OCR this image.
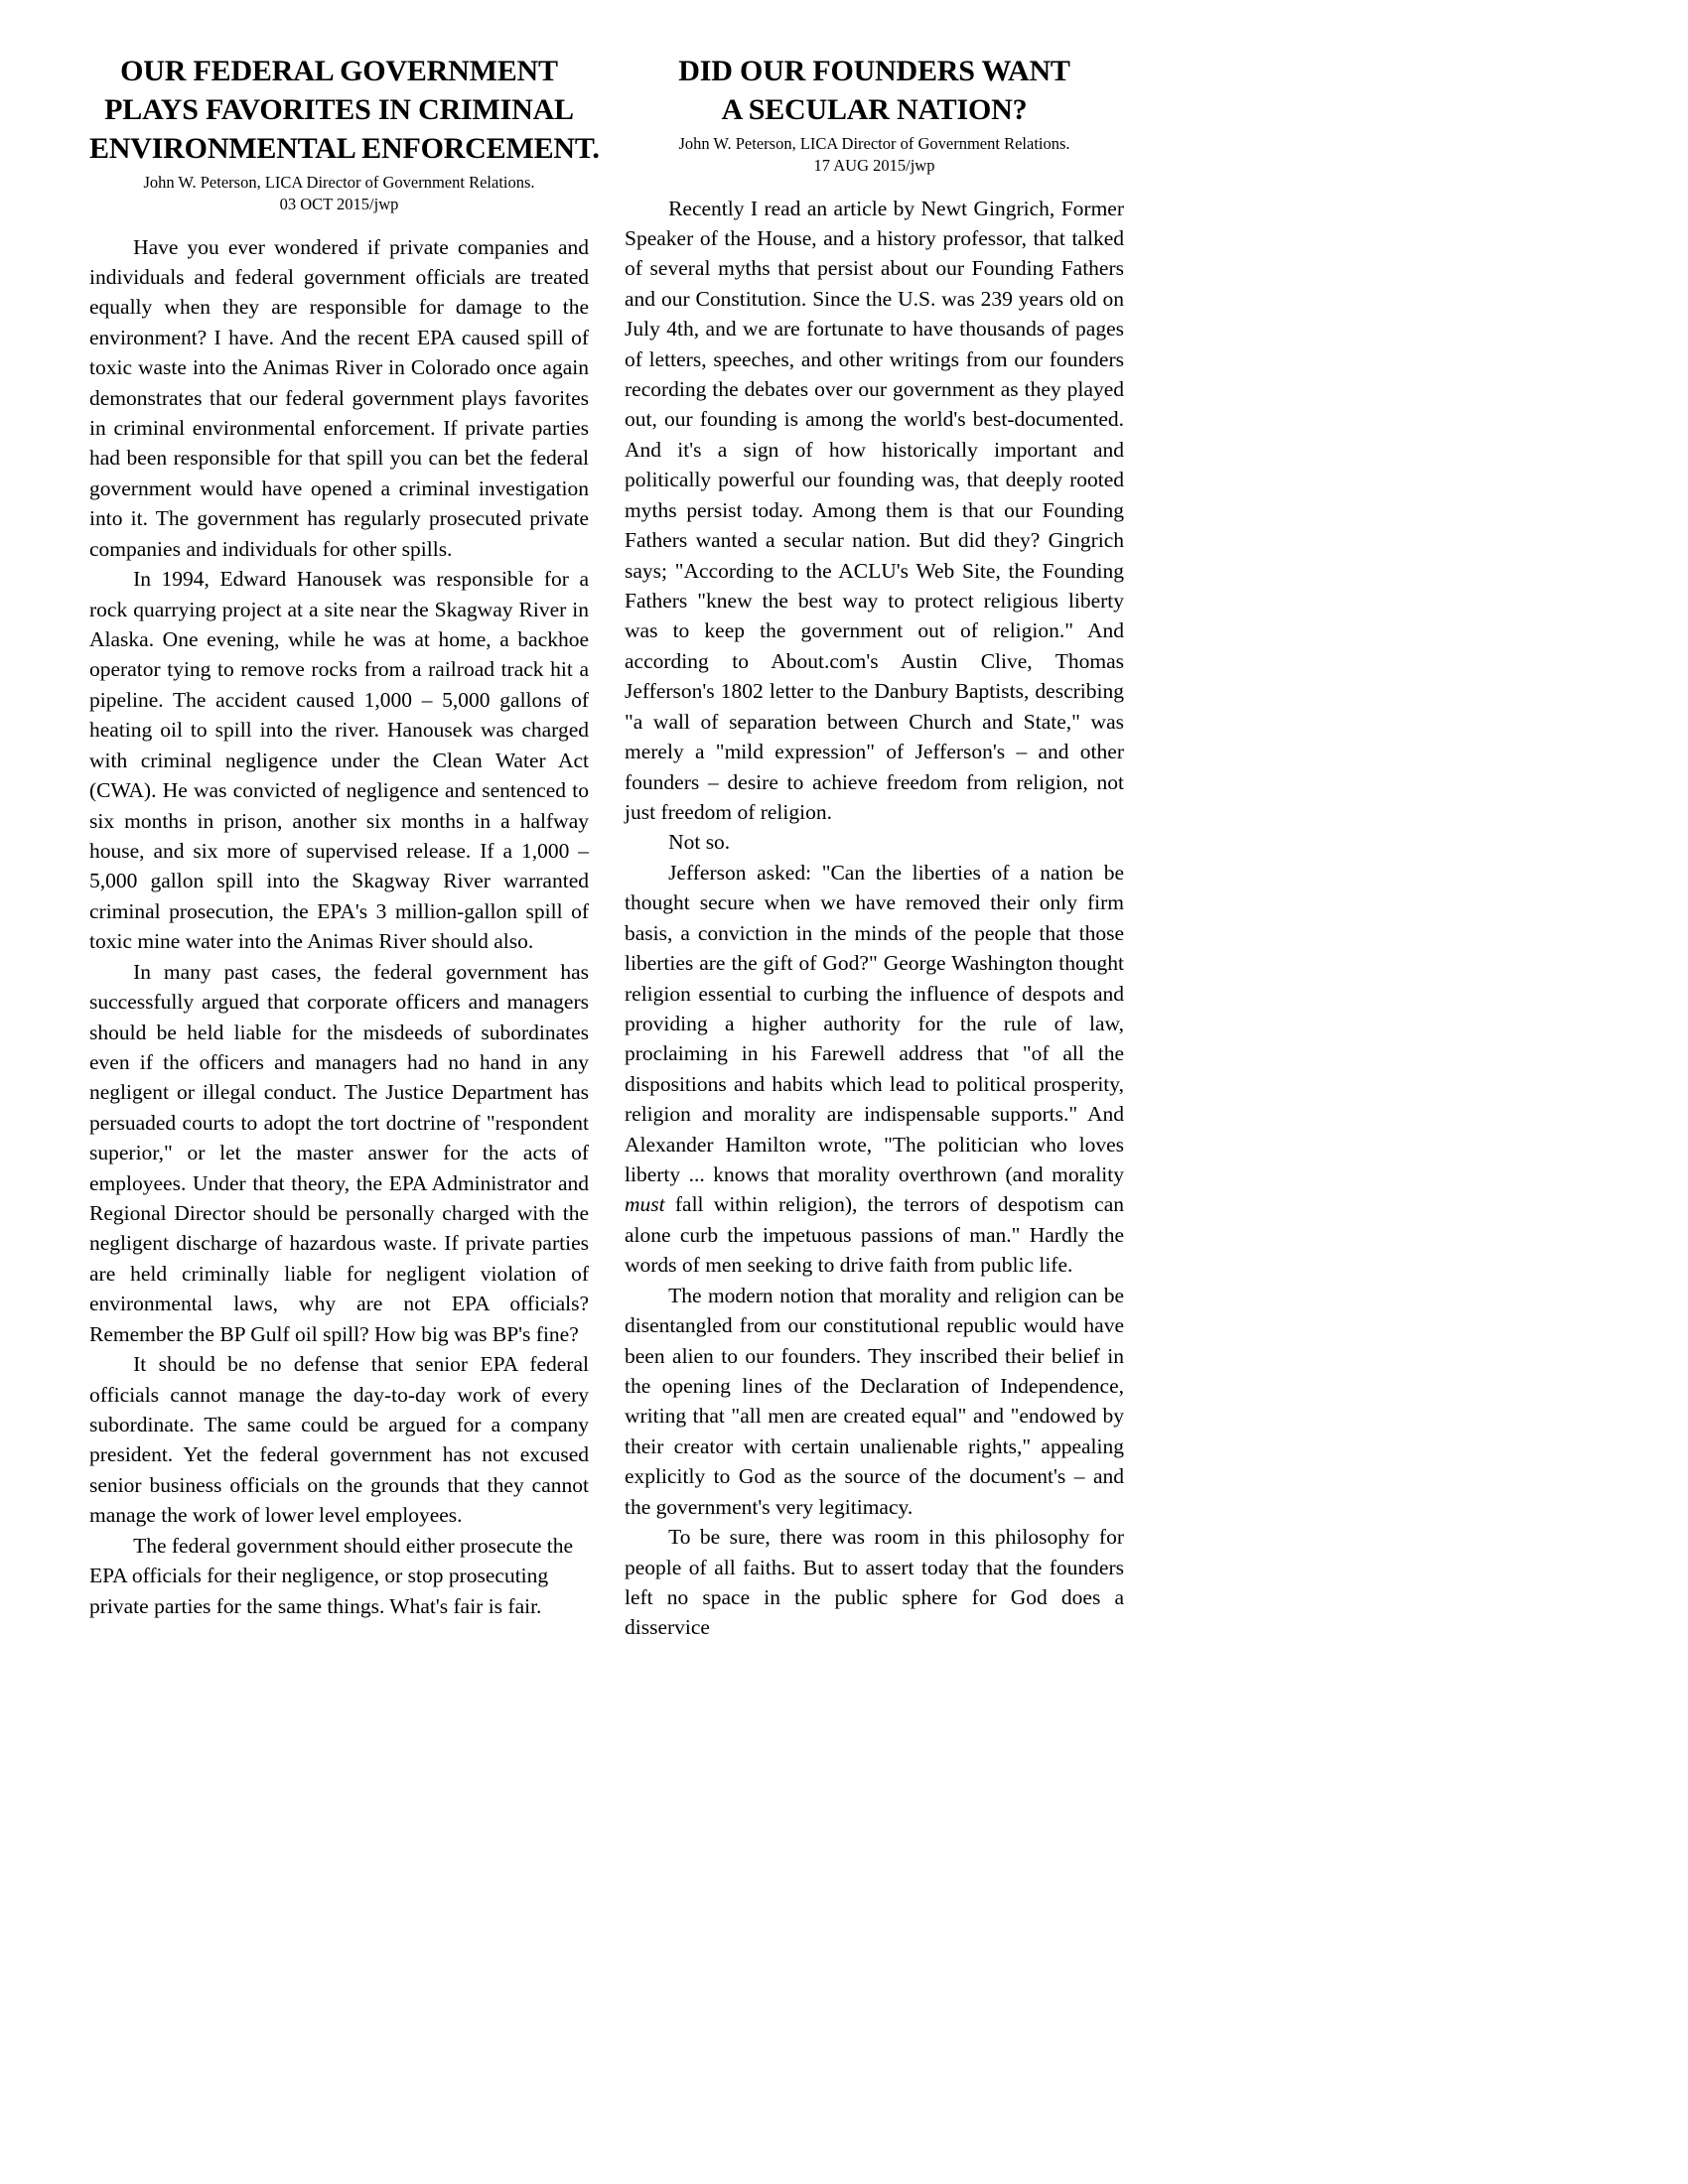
OUR FEDERAL GOVERNMENT
PLAYS FAVORITES IN CRIMINAL
ENVIRONMENTAL ENFORCEMENT.
John W. Peterson, LICA Director of Government Relations.
03 OCT 2015/jwp

Have you ever wondered if private companies and individuals and federal government officials are treated equally when they are responsible for damage to the environment? I have. And the recent EPA caused spill of toxic waste into the Animas River in Colorado once again demonstrates that our federal government plays favorites in criminal environmental enforcement. If private parties had been responsible for that spill you can bet the federal government would have opened a criminal investigation into it. The government has regularly prosecuted private companies and individuals for other spills.

In 1994, Edward Hanousek was responsible for a rock quarrying project at a site near the Skagway River in Alaska. One evening, while he was at home, a backhoe operator tying to remove rocks from a railroad track hit a pipeline. The accident caused 1,000 – 5,000 gallons of heating oil to spill into the river. Hanousek was charged with criminal negligence under the Clean Water Act (CWA). He was convicted of negligence and sentenced to six months in prison, another six months in a halfway house, and six more of supervised release. If a 1,000 – 5,000 gallon spill into the Skagway River warranted criminal prosecution, the EPA's 3 million-gallon spill of toxic mine water into the Animas River should also.

In many past cases, the federal government has successfully argued that corporate officers and managers should be held liable for the misdeeds of subordinates even if the officers and managers had no hand in any negligent or illegal conduct. The Justice Department has persuaded courts to adopt the tort doctrine of "respondent superior," or let the master answer for the acts of employees. Under that theory, the EPA Administrator and Regional Director should be personally charged with the negligent discharge of hazardous waste. If private parties are held criminally liable for negligent violation of environmental laws, why are not EPA officials? Remember the BP Gulf oil spill? How big was BP's fine?

It should be no defense that senior EPA federal officials cannot manage the day-to-day work of every subordinate. The same could be argued for a company president. Yet the federal government has not excused senior business officials on the grounds that they cannot manage the work of lower level employees.

The federal government should either prosecute the EPA officials for their negligence, or stop prosecuting private parties for the same things. What's fair is fair.

DID OUR FOUNDERS WANT
A SECULAR NATION?
John W. Peterson, LICA Director of Government Relations.
17 AUG 2015/jwp

Recently I read an article by Newt Gingrich, Former Speaker of the House, and a history professor, that talked of several myths that persist about our Founding Fathers and our Constitution. Since the U.S. was 239 years old on July 4th, and we are fortunate to have thousands of pages of letters, speeches, and other writings from our founders recording the debates over our government as they played out, our founding is among the world's best-documented. And it's a sign of how historically important and politically powerful our founding was, that deeply rooted myths persist today. Among them is that our Founding Fathers wanted a secular nation. But did they? Gingrich says; "According to the ACLU's Web Site, the Founding Fathers "knew the best way to protect religious liberty was to keep the government out of religion." And according to About.com's Austin Clive, Thomas Jefferson's 1802 letter to the Danbury Baptists, describing "a wall of separation between Church and State," was merely a "mild expression" of Jefferson's – and other founders – desire to achieve freedom from religion, not just freedom of religion.

Not so.

Jefferson asked: "Can the liberties of a nation be thought secure when we have removed their only firm basis, a conviction in the minds of the people that those liberties are the gift of God?" George Washington thought religion essential to curbing the influence of despots and providing a higher authority for the rule of law, proclaiming in his Farewell address that "of all the dispositions and habits which lead to political prosperity, religion and morality are indispensable supports." And Alexander Hamilton wrote, "The politician who loves liberty ... knows that morality overthrown (and morality must fall within religion), the terrors of despotism can alone curb the impetuous passions of man." Hardly the words of men seeking to drive faith from public life.

The modern notion that morality and religion can be disentangled from our constitutional republic would have been alien to our founders. They inscribed their belief in the opening lines of the Declaration of Independence, writing that "all men are created equal" and "endowed by their creator with certain unalienable rights," appealing explicitly to God as the source of the document's – and the government's very legitimacy.

To be sure, there was room in this philosophy for people of all faiths. But to assert today that the founders left no space in the public sphere for God does a disservice
